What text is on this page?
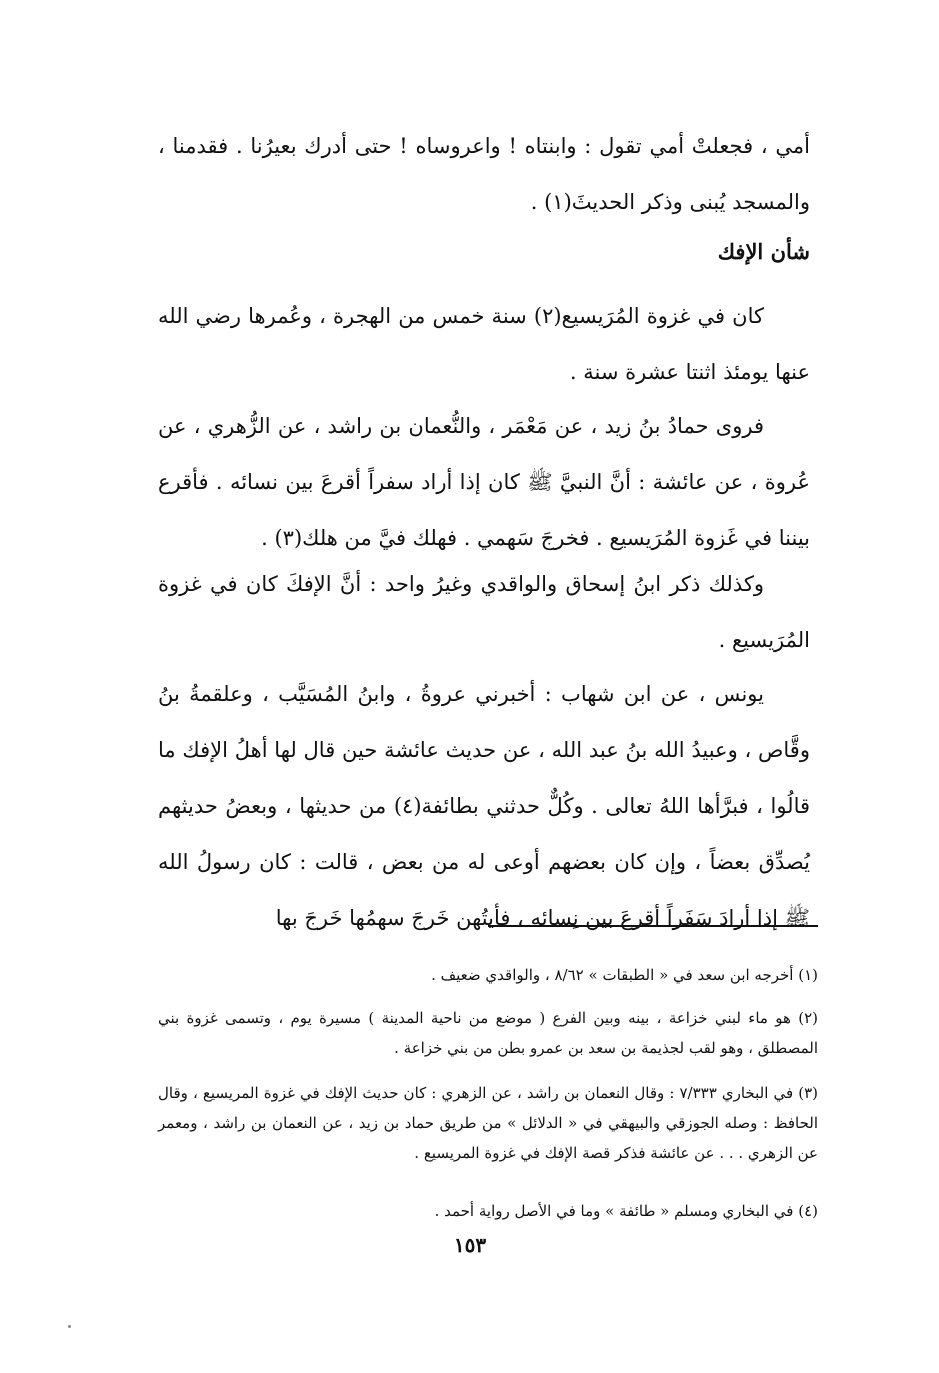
أمي ، فجعلتْ أمي تقول : وابنتاه ! واعروساه ! حتى أدرك بعيرُنا . فقدمنا ، والمسجد يُبنى وذكر الحديثَ(١) .
شأن الإفك
كان في غزوة المُرَيسيع(٢) سنة خمس من الهجرة ، وعُمرها رضي الله عنها يومئذ اثنتا عشرة سنة .
فروى حمادُ بنُ زيد ، عن مَعْمَر ، والنُّعمان بن راشد ، عن الزُّهري ، عن عُروة ، عن عائشة : أنَّ النبيَّ ﷺ كان إذا أراد سفراً أقرعَ بين نسائه . فأقرع بيننا في غَزوة المُرَيسيع . فخرجَ سَهمي . فهلك فيَّ من هلك(٣) .
وكذلك ذكر ابنُ إسحاق والواقدي وغيرُ واحد : أنَّ الإفكَ كان في غزوة المُرَيسيع .
يونس ، عن ابن شهاب : أخبرني عروةُ ، وابنُ المُسَيَّب ، وعلقمةُ بنُ وقَّاص ، وعبيدُ الله بنُ عبد الله ، عن حديث عائشة حين قال لها أهلُ الإفك ما قالُوا ، فبرَّأها اللهُ تعالى . وكُلٌّ حدثني بطائفة(٤) من حديثها ، وبعضُ حديثهم يُصدِّق بعضاً ، وإن كان بعضهم أوعى له من بعض ، قالت : كان رسولُ الله ﷺ إذا أرادَ سَفَراً أقرعَ بين نِسائه ، فأيتُهن خَرجَ سهمُها خَرجَ بها
(١) أخرجه ابن سعد في « الطبقات » ٨/٦٢ ، والواقدي ضعيف .
(٢) هو ماء لبني خزاعة ، بينه وبين الفرع ( موضع من ناحية المدينة ) مسيرة يوم ، وتسمى غزوة بني المصطلق ، وهو لقب لجذيمة بن سعد بن عمرو بطن من بني خزاعة .
(٣) في البخاري ٧/٣٣٣ : وقال النعمان بن راشد ، عن الزهري : كان حديث الإفك في غزوة المريسيع ، وقال الحافظ : وصله الجوزقي والبيهقي في « الدلائل » من طريق حماد بن زيد ، عن النعمان بن راشد ، ومعمر عن الزهري . . . عن عائشة فذكر قصة الإفك في غزوة المريسيع .
(٤) في البخاري ومسلم « طائفة » وما في الأصل رواية أحمد .
١٥٣
